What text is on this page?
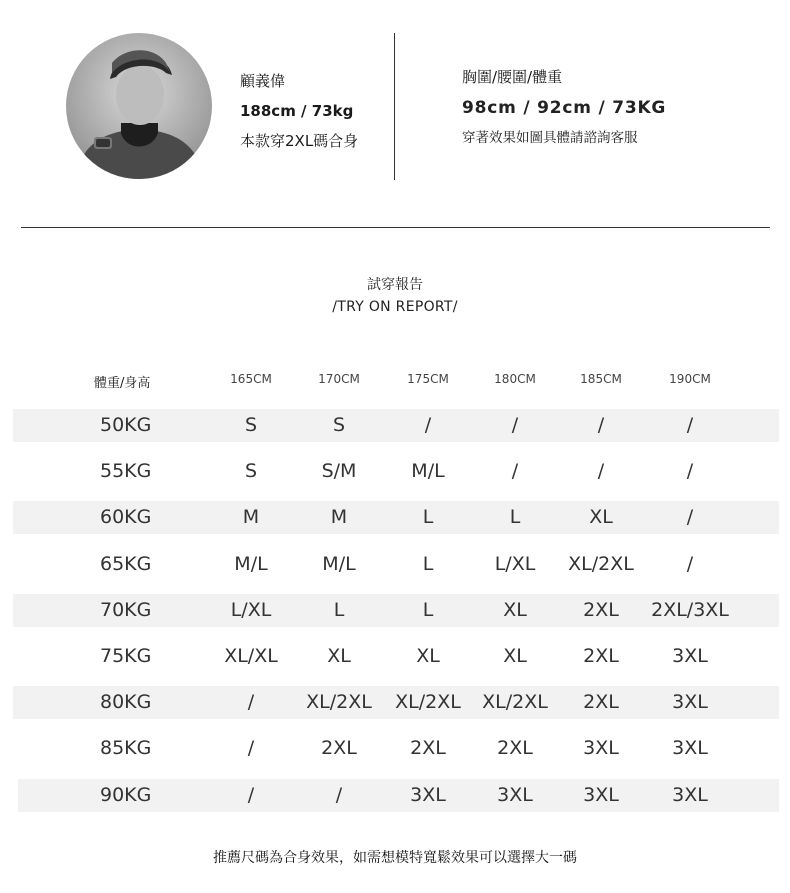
顧義偉
188cm / 73kg
本款穿2XL碼合身
胸圍/腰圍/體重
98cm / 92cm / 73KG
穿著效果如圖具體請諮詢客服
試穿報告
/TRY ON REPORT/
體重/身高	165CM	170CM	175CM	180CM	185CM	190CM
50KG	S	S	/	/	/	/
55KG	S	S/M	M/L	/	/	/
60KG	M	M	L	L	XL	/
65KG	M/L	M/L	L	L/XL	XL/2XL	/
70KG	L/XL	L	L	XL	2XL	2XL/3XL
75KG	XL/XL	XL	XL	XL	2XL	3XL
80KG	/	XL/2XL	XL/2XL	XL/2XL	2XL	3XL
85KG	/	2XL	2XL	2XL	3XL	3XL
90KG	/	/	3XL	3XL	3XL	3XL
推薦尺碼為合身效果，如需想模特寬鬆效果可以選擇大一碼
